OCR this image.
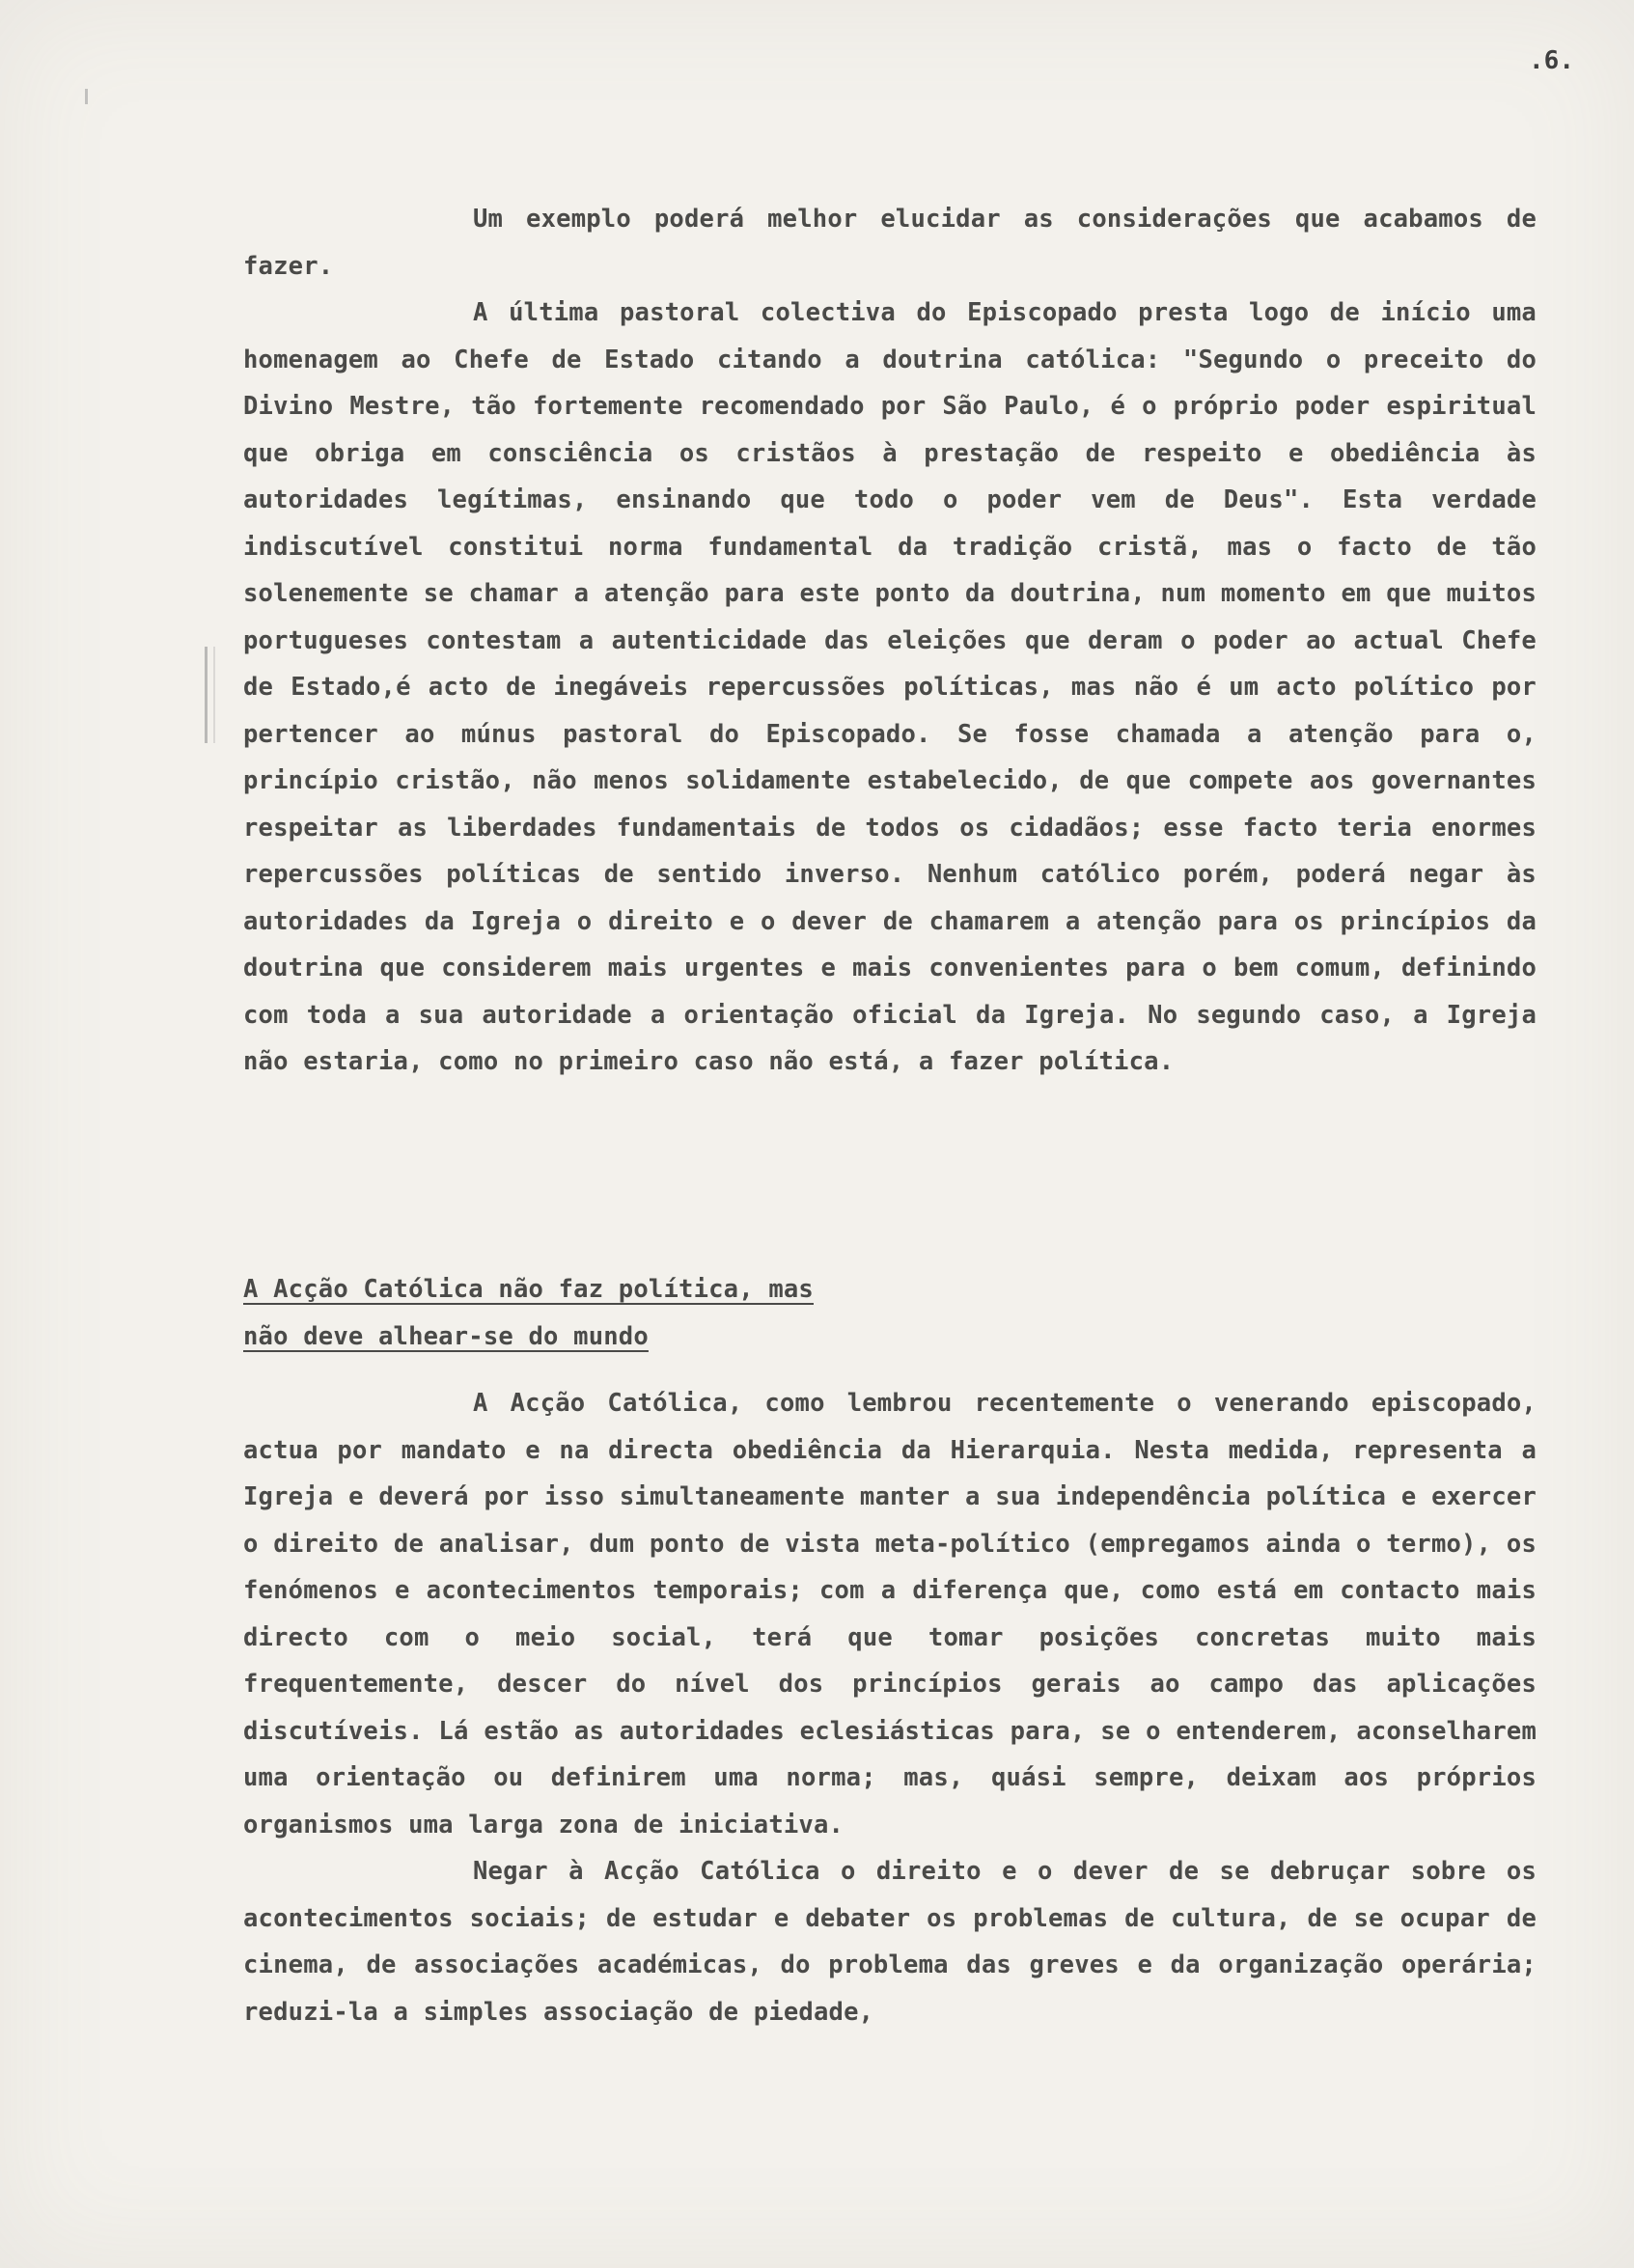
.6.

Um exemplo poderá melhor elucidar as considerações que acabamos de fazer.

A última pastoral colectiva do Episcopado presta logo de início uma homenagem ao Chefe de Estado citando a doutrina católica: "Segundo o preceito do Divino Mestre, tão fortemente recomendado por São Paulo, é o próprio poder espiritual que obriga em consciência os cristãos à prestação de respeito e obediência às autoridades legítimas, ensinando que todo o poder vem de Deus". Esta verdade indiscutível constitui norma fundamental da tradição cristã, mas o facto de tão solenemente se chamar a atenção para este ponto da doutrina, num momento em que muitos portugueses contestam a autenticidade das eleições que deram o poder ao actual Chefe de Estado,é acto de inegáveis repercussões políticas, mas não é um acto político por pertencer ao múnus pastoral do Episcopado. Se fosse chamada a atenção para o, princípio cristão, não menos solidamente estabelecido, de que compete aos governantes respeitar as liberdades fundamentais de todos os cidadãos; esse facto teria enormes repercussões políticas de sentido inverso. Nenhum católico porém, poderá negar às autoridades da Igreja o direito e o dever de chamarem a atenção para os princípios da doutrina que considerem mais urgentes e mais convenientes para o bem comum, definindo com toda a sua autoridade a orientação oficial da Igreja. No segundo caso, a Igreja não estaria, como no primeiro caso não está, a fazer política.

A Acção Católica não faz política, mas
não deve alhear-se do mundo

A Acção Católica, como lembrou recentemente o venerando episcopado, actua por mandato e na directa obediência da Hierarquia. Nesta medida, representa a Igreja e deverá por isso simultaneamente manter a sua independência política e exercer o direito de analisar, dum ponto de vista meta-político (empregamos ainda o termo), os fenómenos e acontecimentos temporais; com a diferença que, como está em contacto mais directo com o meio social, terá que tomar posições concretas muito mais frequentemente, descer do nível dos princípios gerais ao campo das aplicações discutíveis. Lá estão as autoridades eclesiásticas para, se o entenderem, aconselharem uma orientação ou definirem uma norma; mas, quási sempre, deixam aos próprios organismos uma larga zona de iniciativa.

Negar à Acção Católica o direito e o dever de se debruçar sobre os acontecimentos sociais; de estudar e debater os problemas de cultura, de se ocupar de cinema, de associações académicas, do problema das greves e da organização operária; reduzi-la a simples associação de piedade,
